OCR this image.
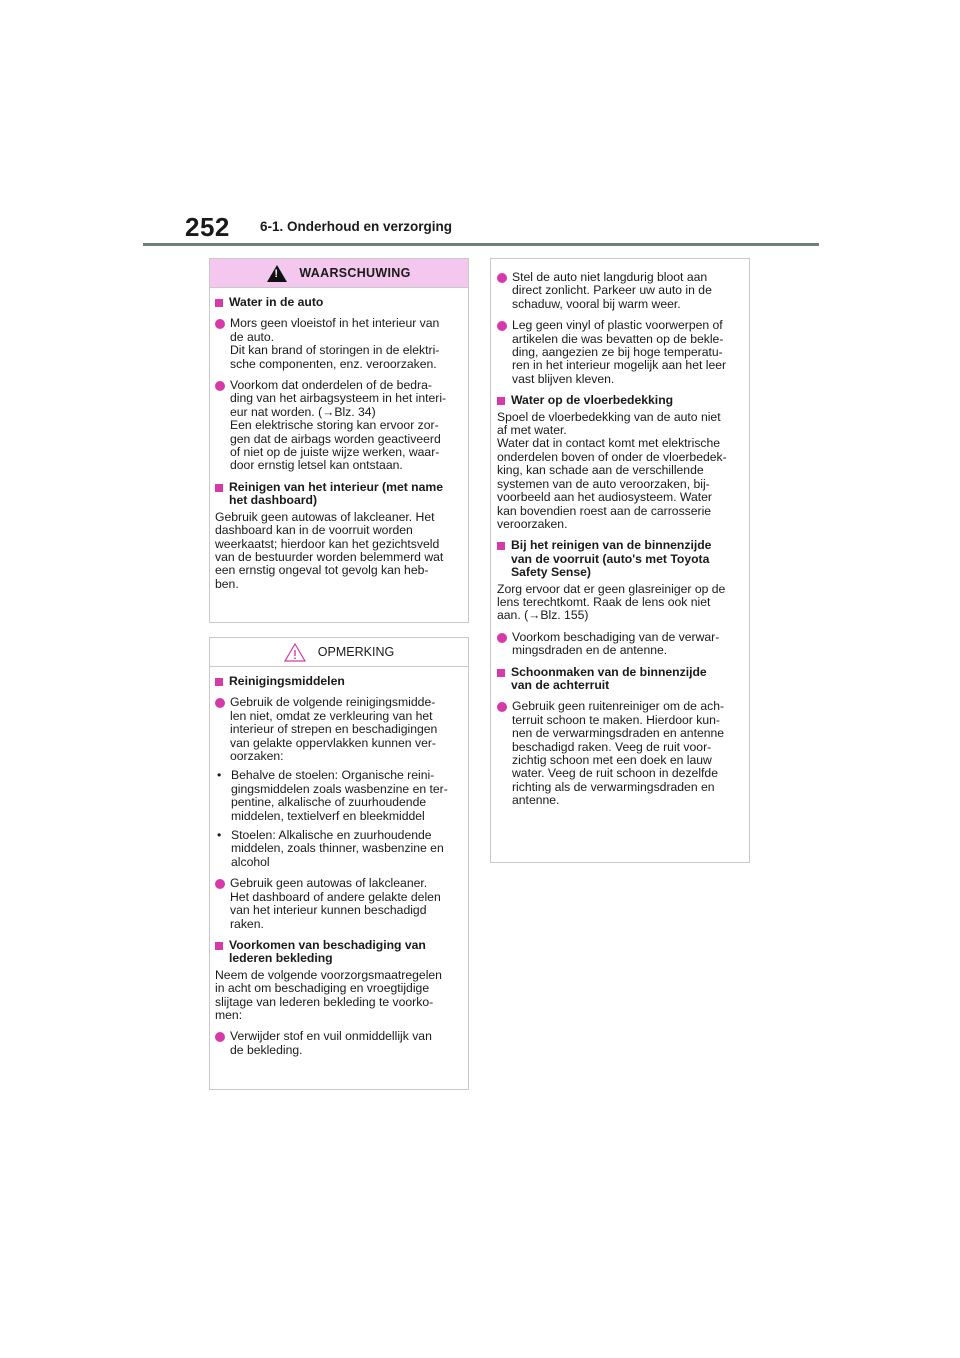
252 6-1. Onderhoud en verzorging
!
WAARSCHUWING
Water in de auto
Mors geen vloeistof in het interieur van
de auto.
Dit kan brand of storingen in de elektri-
sche componenten, enz. veroorzaken.
Voorkom dat onderdelen of de bedra-
ding van het airbagsysteem in het interi-
eur nat worden. (→Blz. 34)
Een elektrische storing kan ervoor zor-
gen dat de airbags worden geactiveerd
of niet op de juiste wijze werken, waar-
door ernstig letsel kan ontstaan.
Reinigen van het interieur (met name
het dashboard)
Gebruik geen autowas of lakcleaner. Het
dashboard kan in de voorruit worden
weerkaatst; hierdoor kan het gezichtsveld
van de bestuurder worden belemmerd wat
een ernstig ongeval tot gevolg kan heb-
ben.
OPMERKING
Reinigingsmiddelen
Gebruik de volgende reinigingsmidde-
len niet, omdat ze verkleuring van het
interieur of strepen en beschadigingen
van gelakte oppervlakken kunnen ver-
oorzaken:
• Behalve de stoelen: Organische reini-
gingsmiddelen zoals wasbenzine en ter-
pentine, alkalische of zuurhoudende
middelen, textielverf en bleekmiddel
• Stoelen: Alkalische en zuurhoudende
middelen, zoals thinner, wasbenzine en
alcohol
Gebruik geen autowas of lakcleaner.
Het dashboard of andere gelakte delen
van het interieur kunnen beschadigd
raken.
Voorkomen van beschadiging van
lederen bekleding
Neem de volgende voorzorgsmaatregelen
in acht om beschadiging en vroegtijdige
slijtage van lederen bekleding te voorko-
men:
Verwijder stof en vuil onmiddellijk van
de bekleding.
Stel de auto niet langdurig bloot aan
direct zonlicht. Parkeer uw auto in de
schaduw, vooral bij warm weer.
Leg geen vinyl of plastic voorwerpen of
artikelen die was bevatten op de bekle-
ding, aangezien ze bij hoge temperatu-
ren in het interieur mogelijk aan het leer
vast blijven kleven.
Water op de vloerbedekking
Spoel de vloerbedekking van de auto niet
af met water.
Water dat in contact komt met elektrische
onderdelen boven of onder de vloerbedek-
king, kan schade aan de verschillende
systemen van de auto veroorzaken, bij-
voorbeeld aan het audiosysteem. Water
kan bovendien roest aan de carrosserie
veroorzaken.
Bij het reinigen van de binnenzijde
van de voorruit (auto's met Toyota
Safety Sense)
Zorg ervoor dat er geen glasreiniger op de
lens terechtkomt. Raak de lens ook niet
aan. (→Blz. 155)
Voorkom beschadiging van de verwar-
mingsdraden en de antenne.
Schoonmaken van de binnenzijde
van de achterruit
Gebruik geen ruitenreiniger om de ach-
terruit schoon te maken. Hierdoor kun-
nen de verwarmingsdraden en antenne
beschadigd raken. Veeg de ruit voor-
zichtig schoon met een doek en lauw
water. Veeg de ruit schoon in dezelfde
richting als de verwarmingsdraden en
antenne.
